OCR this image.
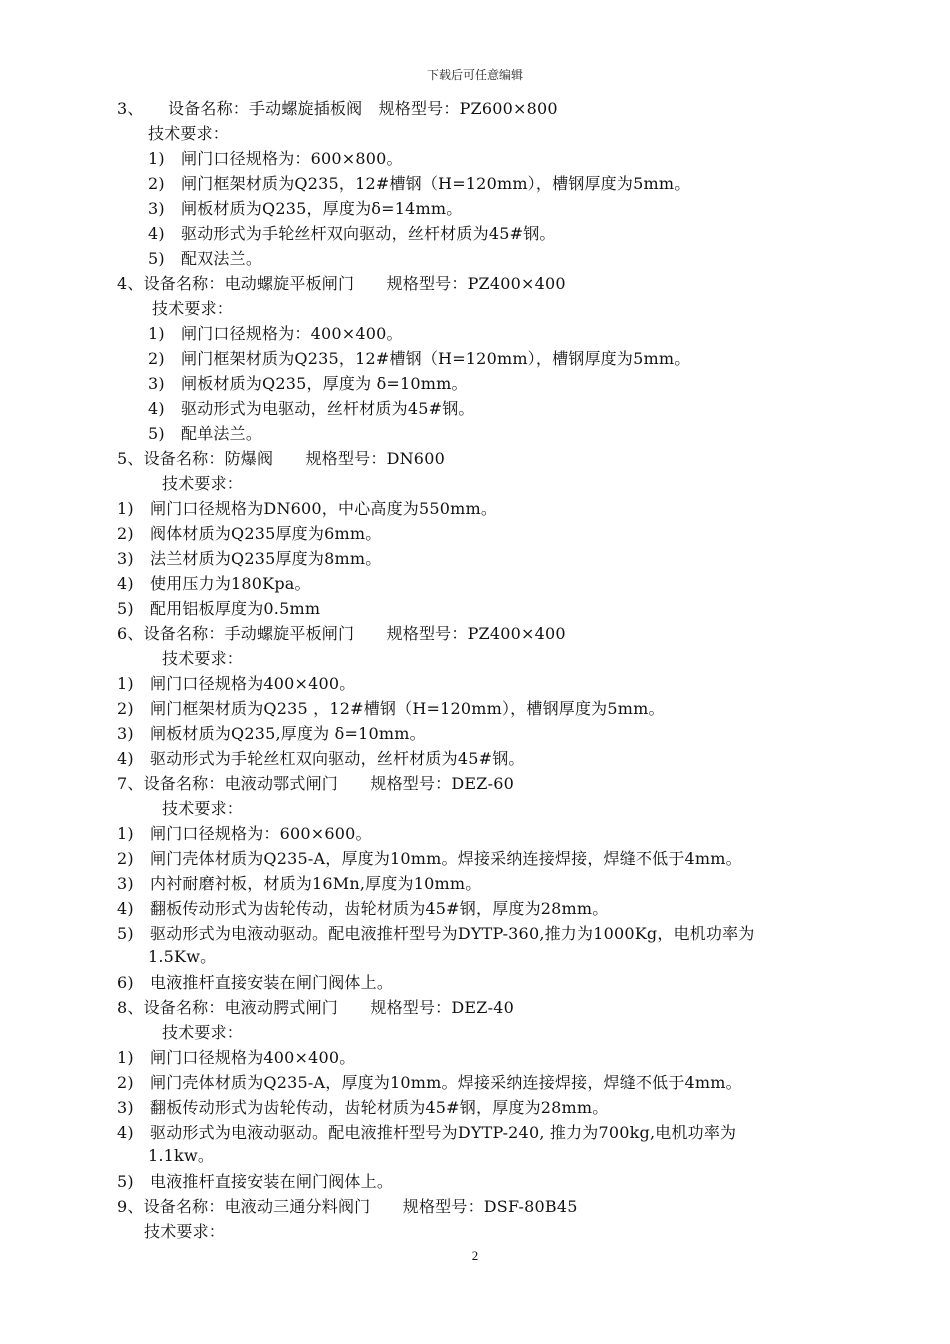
下载后可任意编辑
3、　　设备名称：手动螺旋插板阀　规格型号：PZ600×800
技术要求：
1)　闸门口径规格为：600×800。
2)　闸门框架材质为Q235，12#槽钢（H=120mm），槽钢厚度为5mm。
3)　闸板材质为Q235，厚度为δ=14mm。
4)　驱动形式为手轮丝杆双向驱动，丝杆材质为45#钢。
5)　配双法兰。
4、设备名称：电动螺旋平板闸门　　规格型号：PZ400×400
技术要求：
1)　闸门口径规格为：400×400。
2)　闸门框架材质为Q235，12#槽钢（H=120mm），槽钢厚度为5mm。
3)　闸板材质为Q235，厚度为 δ=10mm。
4)　驱动形式为电驱动，丝杆材质为45#钢。
5)　配单法兰。
5、设备名称：防爆阀　　规格型号：DN600
技术要求：
1)　闸门口径规格为DN600，中心高度为550mm。
2)　阀体材质为Q235厚度为6mm。
3)　法兰材质为Q235厚度为8mm。
4)　使用压力为180Kpa。
5)　配用铝板厚度为0.5mm
6、设备名称：手动螺旋平板闸门　　规格型号：PZ400×400
技术要求：
1)　闸门口径规格为400×400。
2)　闸门框架材质为Q235 ，12#槽钢（H=120mm），槽钢厚度为5mm。
3)　闸板材质为Q235,厚度为 δ=10mm。
4)　驱动形式为手轮丝杠双向驱动，丝杆材质为45#钢。
7、设备名称：电液动鄂式闸门　　规格型号：DEZ-60
技术要求：
1)　闸门口径规格为：600×600。
2)　闸门壳体材质为Q235-A，厚度为10mm。焊接采纳连接焊接，焊缝不低于4mm。
3)　内衬耐磨衬板，材质为16Mn,厚度为10mm。
4)　翻板传动形式为齿轮传动，齿轮材质为45#钢，厚度为28mm。
5)　驱动形式为电液动驱动。配电液推杆型号为DYTP-360,推力为1000Kg，电机功率为
1.5Kw。
6)　电液推杆直接安装在闸门阀体上。
8、设备名称：电液动腭式闸门　　规格型号：DEZ-40
技术要求：
1)　闸门口径规格为400×400。
2)　闸门壳体材质为Q235-A，厚度为10mm。焊接采纳连接焊接，焊缝不低于4mm。
3)　翻板传动形式为齿轮传动，齿轮材质为45#钢，厚度为28mm。
4)　驱动形式为电液动驱动。配电液推杆型号为DYTP-240, 推力为700kg,电机功率为
1.1kw。
5)　电液推杆直接安装在闸门阀体上。
9、设备名称：电液动三通分料阀门　　规格型号：DSF-80B45
技术要求：
2
